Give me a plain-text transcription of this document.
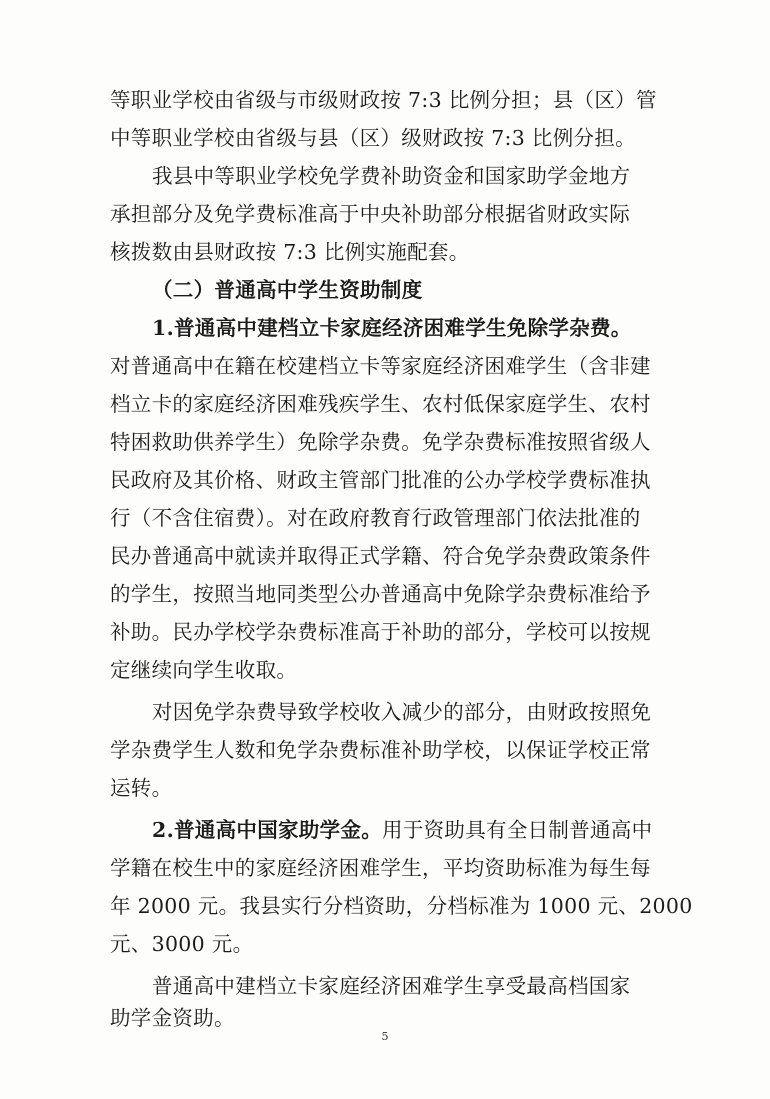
等职业学校由省级与市级财政按 7:3 比例分担；县（区）管
中等职业学校由省级与县（区）级财政按 7:3 比例分担。
我县中等职业学校免学费补助资金和国家助学金地方
承担部分及免学费标准高于中央补助部分根据省财政实际
核拨数由县财政按 7:3 比例实施配套。
（二）普通高中学生资助制度
1.普通高中建档立卡家庭经济困难学生免除学杂费。
对普通高中在籍在校建档立卡等家庭经济困难学生（含非建
档立卡的家庭经济困难残疾学生、农村低保家庭学生、农村
特困救助供养学生）免除学杂费。免学杂费标准按照省级人
民政府及其价格、财政主管部门批准的公办学校学费标准执
行（不含住宿费）。对在政府教育行政管理部门依法批准的
民办普通高中就读并取得正式学籍、符合免学杂费政策条件
的学生，按照当地同类型公办普通高中免除学杂费标准给予
补助。民办学校学杂费标准高于补助的部分，学校可以按规
定继续向学生收取。
对因免学杂费导致学校收入减少的部分，由财政按照免
学杂费学生人数和免学杂费标准补助学校，以保证学校正常
运转。
2.普通高中国家助学金。用于资助具有全日制普通高中
学籍在校生中的家庭经济困难学生，平均资助标准为每生每
年 2000 元。我县实行分档资助，分档标准为 1000 元、2000
元、3000 元。
普通高中建档立卡家庭经济困难学生享受最高档国家
助学金资助。
5
